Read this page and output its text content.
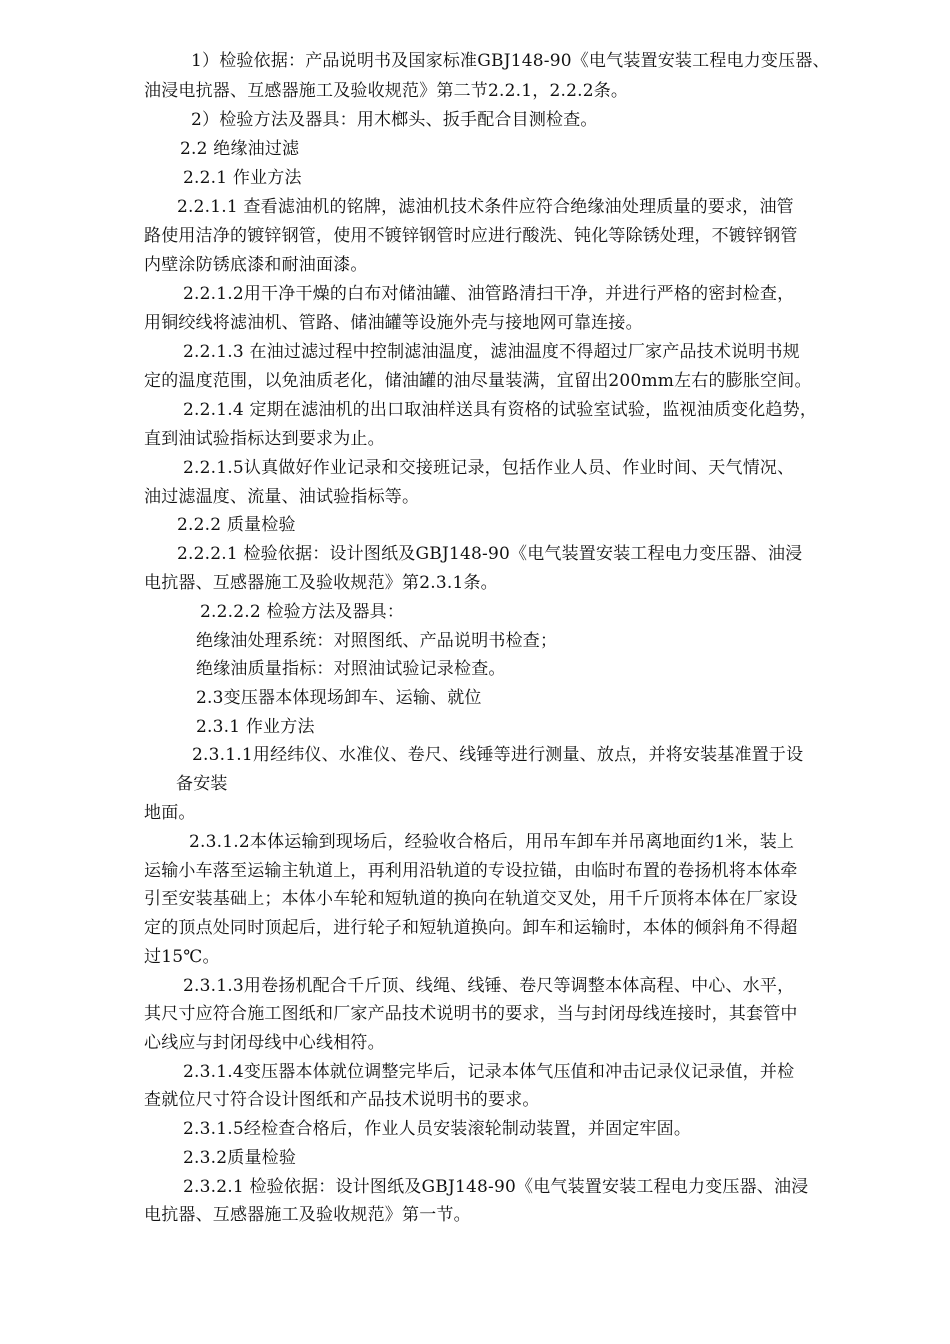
1）检验依据：产品说明书及国家标准GBJ148-90《电气装置安装工程电力变压器、
油浸电抗器、互感器施工及验收规范》第二节2.2.1，2.2.2条。
2）检验方法及器具：用木榔头、扳手配合目测检查。
2.2 绝缘油过滤
2.2.1 作业方法
2.2.1.1 查看滤油机的铭牌，滤油机技术条件应符合绝缘油处理质量的要求，油管
路使用洁净的镀锌钢管，使用不镀锌钢管时应进行酸洗、钝化等除锈处理，不镀锌钢管
内壁涂防锈底漆和耐油面漆。
2.2.1.2用干净干燥的白布对储油罐、油管路清扫干净，并进行严格的密封检查，
用铜绞线将滤油机、管路、储油罐等设施外壳与接地网可靠连接。
2.2.1.3 在油过滤过程中控制滤油温度，滤油温度不得超过厂家产品技术说明书规
定的温度范围，以免油质老化，储油罐的油尽量装满，宜留出200mm左右的膨胀空间。
2.2.1.4 定期在滤油机的出口取油样送具有资格的试验室试验，监视油质变化趋势，
直到油试验指标达到要求为止。
2.2.1.5认真做好作业记录和交接班记录，包括作业人员、作业时间、天气情况、
油过滤温度、流量、油试验指标等。
2.2.2 质量检验
2.2.2.1 检验依据：设计图纸及GBJ148-90《电气装置安装工程电力变压器、油浸
电抗器、互感器施工及验收规范》第2.3.1条。
2.2.2.2 检验方法及器具：
绝缘油处理系统：对照图纸、产品说明书检查；
绝缘油质量指标：对照油试验记录检查。
2.3变压器本体现场卸车、运输、就位
2.3.1 作业方法
2.3.1.1用经纬仪、水准仪、卷尺、线锤等进行测量、放点，并将安装基准置于设
备安装
地面。
2.3.1.2本体运输到现场后，经验收合格后，用吊车卸车并吊离地面约1米，装上
运输小车落至运输主轨道上，再利用沿轨道的专设拉锚，由临时布置的卷扬机将本体牵
引至安装基础上；本体小车轮和短轨道的换向在轨道交叉处，用千斤顶将本体在厂家设
定的顶点处同时顶起后，进行轮子和短轨道换向。卸车和运输时，本体的倾斜角不得超
过15℃。
2.3.1.3用卷扬机配合千斤顶、线绳、线锤、卷尺等调整本体高程、中心、水平，
其尺寸应符合施工图纸和厂家产品技术说明书的要求，当与封闭母线连接时，其套管中
心线应与封闭母线中心线相符。
2.3.1.4变压器本体就位调整完毕后，记录本体气压值和冲击记录仪记录值，并检
查就位尺寸符合设计图纸和产品技术说明书的要求。
2.3.1.5经检查合格后，作业人员安装滚轮制动装置，并固定牢固。
2.3.2质量检验
2.3.2.1 检验依据：设计图纸及GBJ148-90《电气装置安装工程电力变压器、油浸
电抗器、互感器施工及验收规范》第一节。
